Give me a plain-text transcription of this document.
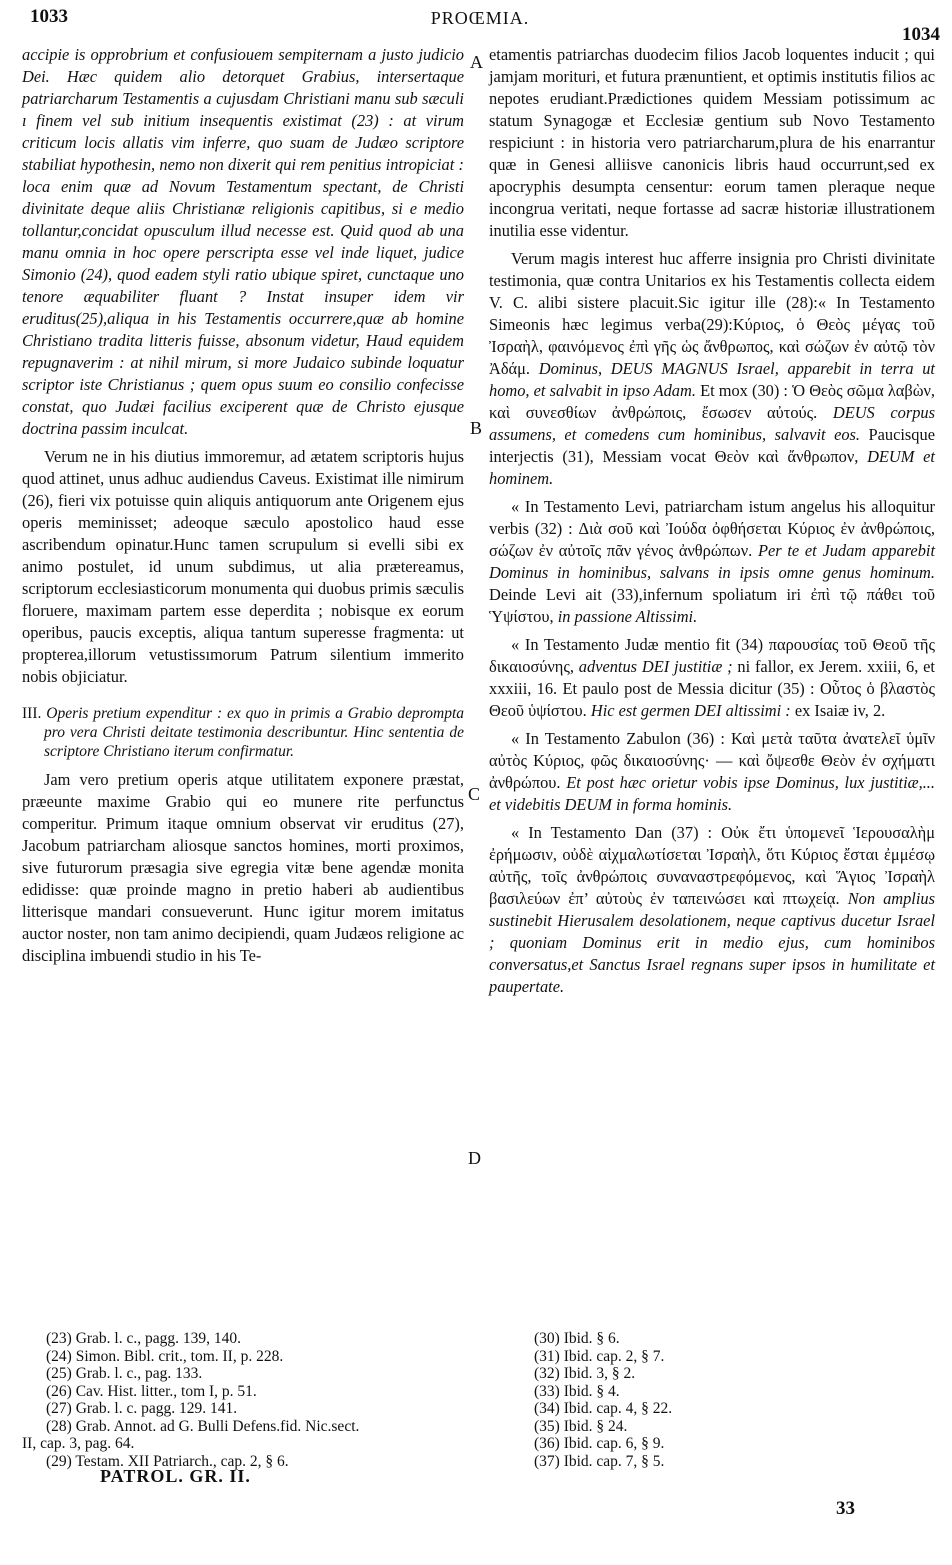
1033	PROŒMIA.
1034
A
B
C
D

accipie is opprobrium et confusiouem sempiternam a justo judicio Dei. Hæc quidem alio detorquet Grabius, intersertaque patriarcharum Testamentis a cujusdam Christiani manu sub sæculi ı finem vel sub initium insequentis existimat (23) : at virum criticum locis allatis vim inferre, quo suam de Judæo scriptore stabiliat hypothesin, nemo non dixerit qui rem penitius intropiciat : loca enim quæ ad Novum Testamentum spectant, de Christi divinitate deque aliis Christianæ religionis capitibus, si e medio tollantur,concidat opusculum illud necesse est. Quid quod ab una manu omnia in hoc opere perscripta esse vel inde liquet, judice Simonio (24), quod eadem styli ratio ubique spiret, cunctaque uno tenore æquabiliter fluant ? Instat insuper idem vir eruditus(25),aliqua in his Testamentis occurrere,quæ ab homine Christiano tradita litteris fuisse, absonum videtur, Haud equidem repugnaverim : at nihil mirum, si more Judaico subinde loquatur scriptor iste Christianus ; quem opus suum eo consilio confecisse constat, quo Judæi facilius exciperent quæ de Christo ejusque doctrina passim inculcat.

Verum ne in his diutius immoremur, ad ætatem scriptoris hujus quod attinet, unus adhuc audiendus Caveus. Existimat ille nimirum (26), fieri vix potuisse quin aliquis antiquorum ante Origenem ejus operis meminisset; adeoque sæculo apostolico haud esse ascribendum opinatur.Hunc tamen scrupulum si evelli sibi ex animo postulet, id unum subdimus, ut alia prætereamus, scriptorum ecclesiasticorum monumenta qui duobus primis sæculis floruere, maximam partem esse deperdita ; nobisque ex eorum operibus, paucis exceptis, aliqua tantum superesse fragmenta: ut propterea,illorum vetustissımorum Patrum silentium immerito nobis objiciatur.

III. Operis pretium expenditur : ex quo in primis a Grabio deprompta pro vera Christi deitate testimonia describuntur. Hinc sententia de scriptore Christiano iterum confirmatur.

Jam vero pretium operis atque utilitatem exponere præstat, præeunte maxime Grabio qui eo munere rite perfunctus comperitur. Primum itaque omnium observat vir eruditus (27), Jacobum patriarcham aliosque sanctos homines, morti proximos, sive futurorum præsagia sive egregia vitæ bene agendæ monita edidisse: quæ proinde magno in pretio haberi ab audientibus litterisque mandari consueverunt. Hunc igitur morem imitatus auctor noster, non tam animo decipiendi, quam Judæos religione ac disciplina imbuendi studio in his Te-

etamentis patriarchas duodecim filios Jacob loquentes inducit ; qui jamjam morituri, et futura prænuntient, et optimis institutis filios ac nepotes erudiant.Prædictiones quidem Messiam potissimum ac statum Synagogæ et Ecclesiæ gentium sub Novo Testamento respiciunt : in historia vero patriarcharum,plura de his enarrantur quæ in Genesi alliisve canonicis libris haud occurrunt,sed ex apocryphis desumpta censentur: eorum tamen pleraque neque incongrua veritati, neque fortasse ad sacræ historiæ illustrationem inutilia esse videntur.

Verum magis interest huc afferre insignia pro Christi divinitate testimonia, quæ contra Unitarios ex his Testamentis collecta eidem V. C. alibi sistere placuit.Sic igitur ille (28):« In Testamento Simeonis hæc legimus verba(29):Κύριος, ὁ Θεὸς μέγας τοῦ Ἰσραὴλ, φαινόμενος ἐπὶ γῆς ὡς ἄνθρωπος, καὶ σώζων ἐν αὐτῷ τὸν Ἀδάμ. Dominus, DEUS MAGNUS Israel, apparebit in terra ut homo, et salvabit in ipso Adam. Et mox (30) : Ὁ Θεὸς σῶμα λαβὼν, καὶ συνεσθίων ἀνθρώποις, ἔσωσεν αὐτούς. DEUS corpus assumens, et comedens cum hominibus, salvavit eos. Paucisque interjectis (31), Messiam vocat Θεὸν καὶ ἄνθρωπον, DEUM et hominem.

« In Testamento Levi, patriarcham istum angelus his alloquitur verbis (32) : Διὰ σοῦ καὶ Ἰούδα ὀφθήσεται Κύριος ἐν ἀνθρώποις, σώζων ἐν αὐτοῖς πᾶν γένος ἀνθρώπων. Per te et Judam apparebit Dominus in hominibus, salvans in ipsis omne genus hominum. Deinde Levi ait (33),infernum spoliatum iri ἐπὶ τῷ πάθει τοῦ Ὑψίστου, in passione Altissimi.

« In Testamento Judæ mentio fit (34) παρουσίας τοῦ Θεοῦ τῆς δικαιοσύνης, adventus DEI justitiæ ; ni fallor, ex Jerem. xxiii, 6, et xxxiii, 16. Et paulo post de Messia dicitur (35) : Οὗτος ὁ βλαστὸς Θεοῦ ὑψίστου. Hic est germen DEI altissimi : ex Isaiæ iv, 2.

« In Testamento Zabulon (36) : Καὶ μετὰ ταῦτα ἀνατελεῖ ὑμῖν αὐτὸς Κύριος, φῶς δικαιοσύνης· — καὶ ὄψεσθε Θεὸν ἐν σχήματι ἀνθρώπου. Et post hæc orietur vobis ipse Dominus, lux justitiæ,... et videbitis DEUM in forma hominis.

« In Testamento Dan (37) : Οὐκ ἔτι ὑπομενεῖ Ἱερουσαλὴμ ἐρήμωσιν, οὐδὲ αἰχμαλωτίσεται Ἰσραὴλ, ὅτι Κύριος ἔσται ἐμμέσῳ αὐτῆς, τοῖς ἀνθρώποις συναναστρεφόμενος, καὶ Ἅγιος Ἰσραὴλ βασιλεύων ἐπ’ αὐτοὺς ἐν ταπεινώσει καὶ πτωχείᾳ. Non amplius sustinebit Hierusalem desolationem, neque captivus ducetur Israel ; quoniam Dominus erit in medio ejus, cum hominibos conversatus,et Sanctus Israel regnans super ipsos in humilitate et paupertate.

(23) Grab. l. c., pagg. 139, 140.
(24) Simon. Bibl. crit., tom. II, p. 228.
(25) Grab. l. c., pag. 133.
(26) Cav. Hist. litter., tom I, p. 51.
(27) Grab. l. c. pagg. 129. 141.
(28) Grab. Annot. ad G. Bulli Defens.fid. Nic.sect.
II, cap. 3, pag. 64.
(29) Testam. XII Patriarch., cap. 2, § 6.
(30) Ibid. § 6.
(31) Ibid. cap. 2, § 7.
(32) Ibid. 3, § 2.
(33) Ibid. § 4.
(34) Ibid. cap. 4, § 22.
(35) Ibid. § 24.
(36) Ibid. cap. 6, § 9.
(37) Ibid. cap. 7, § 5.
PATROL. GR. II.
33
